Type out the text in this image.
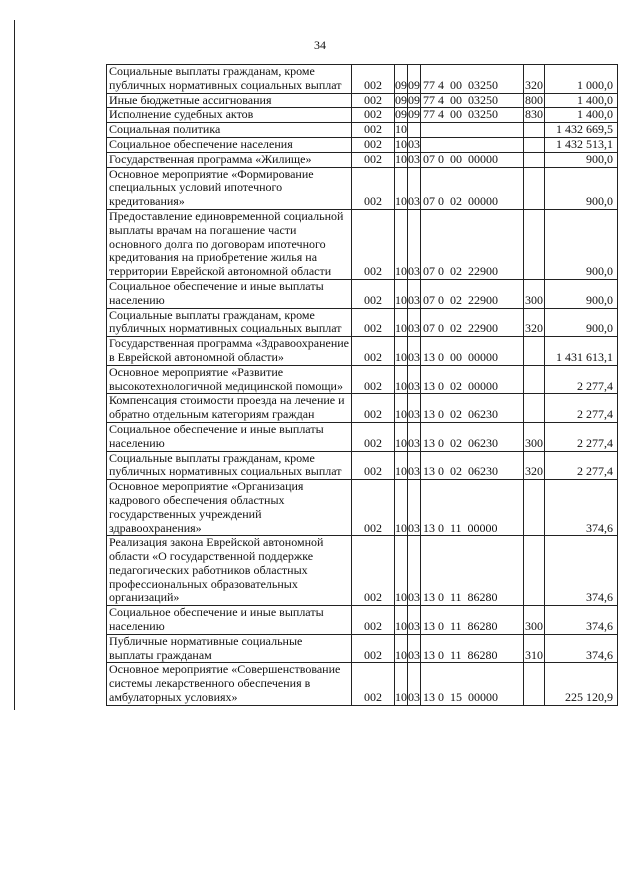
34
Социальные выплаты гражданам, кроме публичных нормативных социальных выплат	002	09	09	77 4  00  03250	320	1 000,0
Иные бюджетные ассигнования	002	09	09	77 4  00  03250	800	1 400,0
Исполнение судебных актов	002	09	09	77 4  00  03250	830	1 400,0
Социальная политика	002	10				1 432 669,5
Социальное обеспечение населения	002	10	03			1 432 513,1
Государственная программа «Жилище»	002	10	03	07 0  00  00000		900,0
Основное мероприятие «Формирование специальных условий ипотечного кредитования»	002	10	03	07 0  02  00000		900,0
Предоставление единовременной социальной выплаты врачам на погашение части основного долга по договорам ипотечного кредитования на приобретение жилья на территории Еврейской автономной области	002	10	03	07 0  02  22900		900,0
Социальное обеспечение и иные выплаты населению	002	10	03	07 0  02  22900	300	900,0
Социальные выплаты гражданам, кроме публичных нормативных социальных выплат	002	10	03	07 0  02  22900	320	900,0
Государственная программа «Здравоохранение в Еврейской автономной области»	002	10	03	13 0  00  00000		1 431 613,1
Основное мероприятие «Развитие высокотехнологичной медицинской помощи»	002	10	03	13 0  02  00000		2 277,4
Компенсация стоимости проезда на лечение и обратно отдельным категориям граждан	002	10	03	13 0  02  06230		2 277,4
Социальное обеспечение и иные выплаты населению	002	10	03	13 0  02  06230	300	2 277,4
Социальные выплаты гражданам, кроме публичных нормативных социальных выплат	002	10	03	13 0  02  06230	320	2 277,4
Основное мероприятие «Организация кадрового обеспечения областных государственных учреждений здравоохранения»	002	10	03	13 0  11  00000		374,6
Реализация закона Еврейской автономной области «О государственной поддержке педагогических работников областных профессиональных образовательных организаций»	002	10	03	13 0  11  86280		374,6
Социальное обеспечение и иные выплаты населению	002	10	03	13 0  11  86280	300	374,6
Публичные нормативные социальные выплаты гражданам	002	10	03	13 0  11  86280	310	374,6
Основное мероприятие «Совершенствование системы лекарственного обеспечения в амбулаторных условиях»	002	10	03	13 0  15  00000		225 120,9
